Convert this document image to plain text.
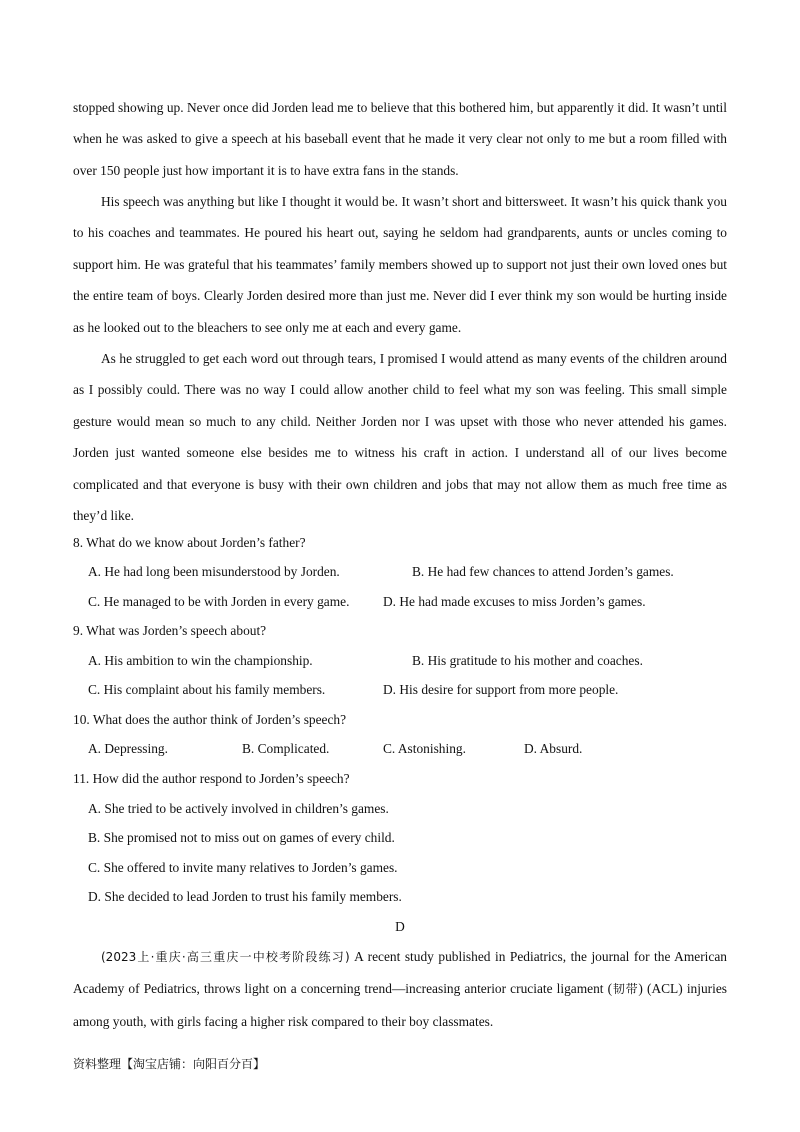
stopped showing up. Never once did Jorden lead me to believe that this bothered him, but apparently it did. It wasn’t until when he was asked to give a speech at his baseball event that he made it very clear not only to me but a room filled with over 150 people just how important it is to have extra fans in the stands.

His speech was anything but like I thought it would be. It wasn’t short and bittersweet. It wasn’t his quick thank you to his coaches and teammates. He poured his heart out, saying he seldom had grandparents, aunts or uncles coming to support him. He was grateful that his teammates’ family members showed up to support not just their own loved ones but the entire team of boys. Clearly Jorden desired more than just me. Never did I ever think my son would be hurting inside as he looked out to the bleachers to see only me at each and every game.

As he struggled to get each word out through tears, I promised I would attend as many events of the children around as I possibly could. There was no way I could allow another child to feel what my son was feeling. This small simple gesture would mean so much to any child. Neither Jorden nor I was upset with those who never attended his games. Jorden just wanted someone else besides me to witness his craft in action. I understand all of our lives become complicated and that everyone is busy with their own children and jobs that may not allow them as much free time as they’d like.

8. What do we know about Jorden’s father?
A. He had long been misunderstood by Jorden.	B. He had few chances to attend Jorden’s games.
C. He managed to be with Jorden in every game.	D. He had made excuses to miss Jorden’s games.
9. What was Jorden’s speech about?
A. His ambition to win the championship.	B. His gratitude to his mother and coaches.
C. His complaint about his family members.	D. His desire for support from more people.
10. What does the author think of Jorden’s speech?
A. Depressing.	B. Complicated.	C. Astonishing.	D. Absurd.
11. How did the author respond to Jorden’s speech?
A. She tried to be actively involved in children’s games.
B. She promised not to miss out on games of every child.
C. She offered to invite many relatives to Jorden’s games.
D. She decided to lead Jorden to trust his family members.
D

(2023上·重庆·高三重庆一中校考阶段练习) A recent study published in Pediatrics, the journal for the American Academy of Pediatrics, throws light on a concerning trend—increasing anterior cruciate ligament (韧带) (ACL) injuries among youth, with girls facing a higher risk compared to their boy classmates.

资料整理【淘宝店铺：向阳百分百】
